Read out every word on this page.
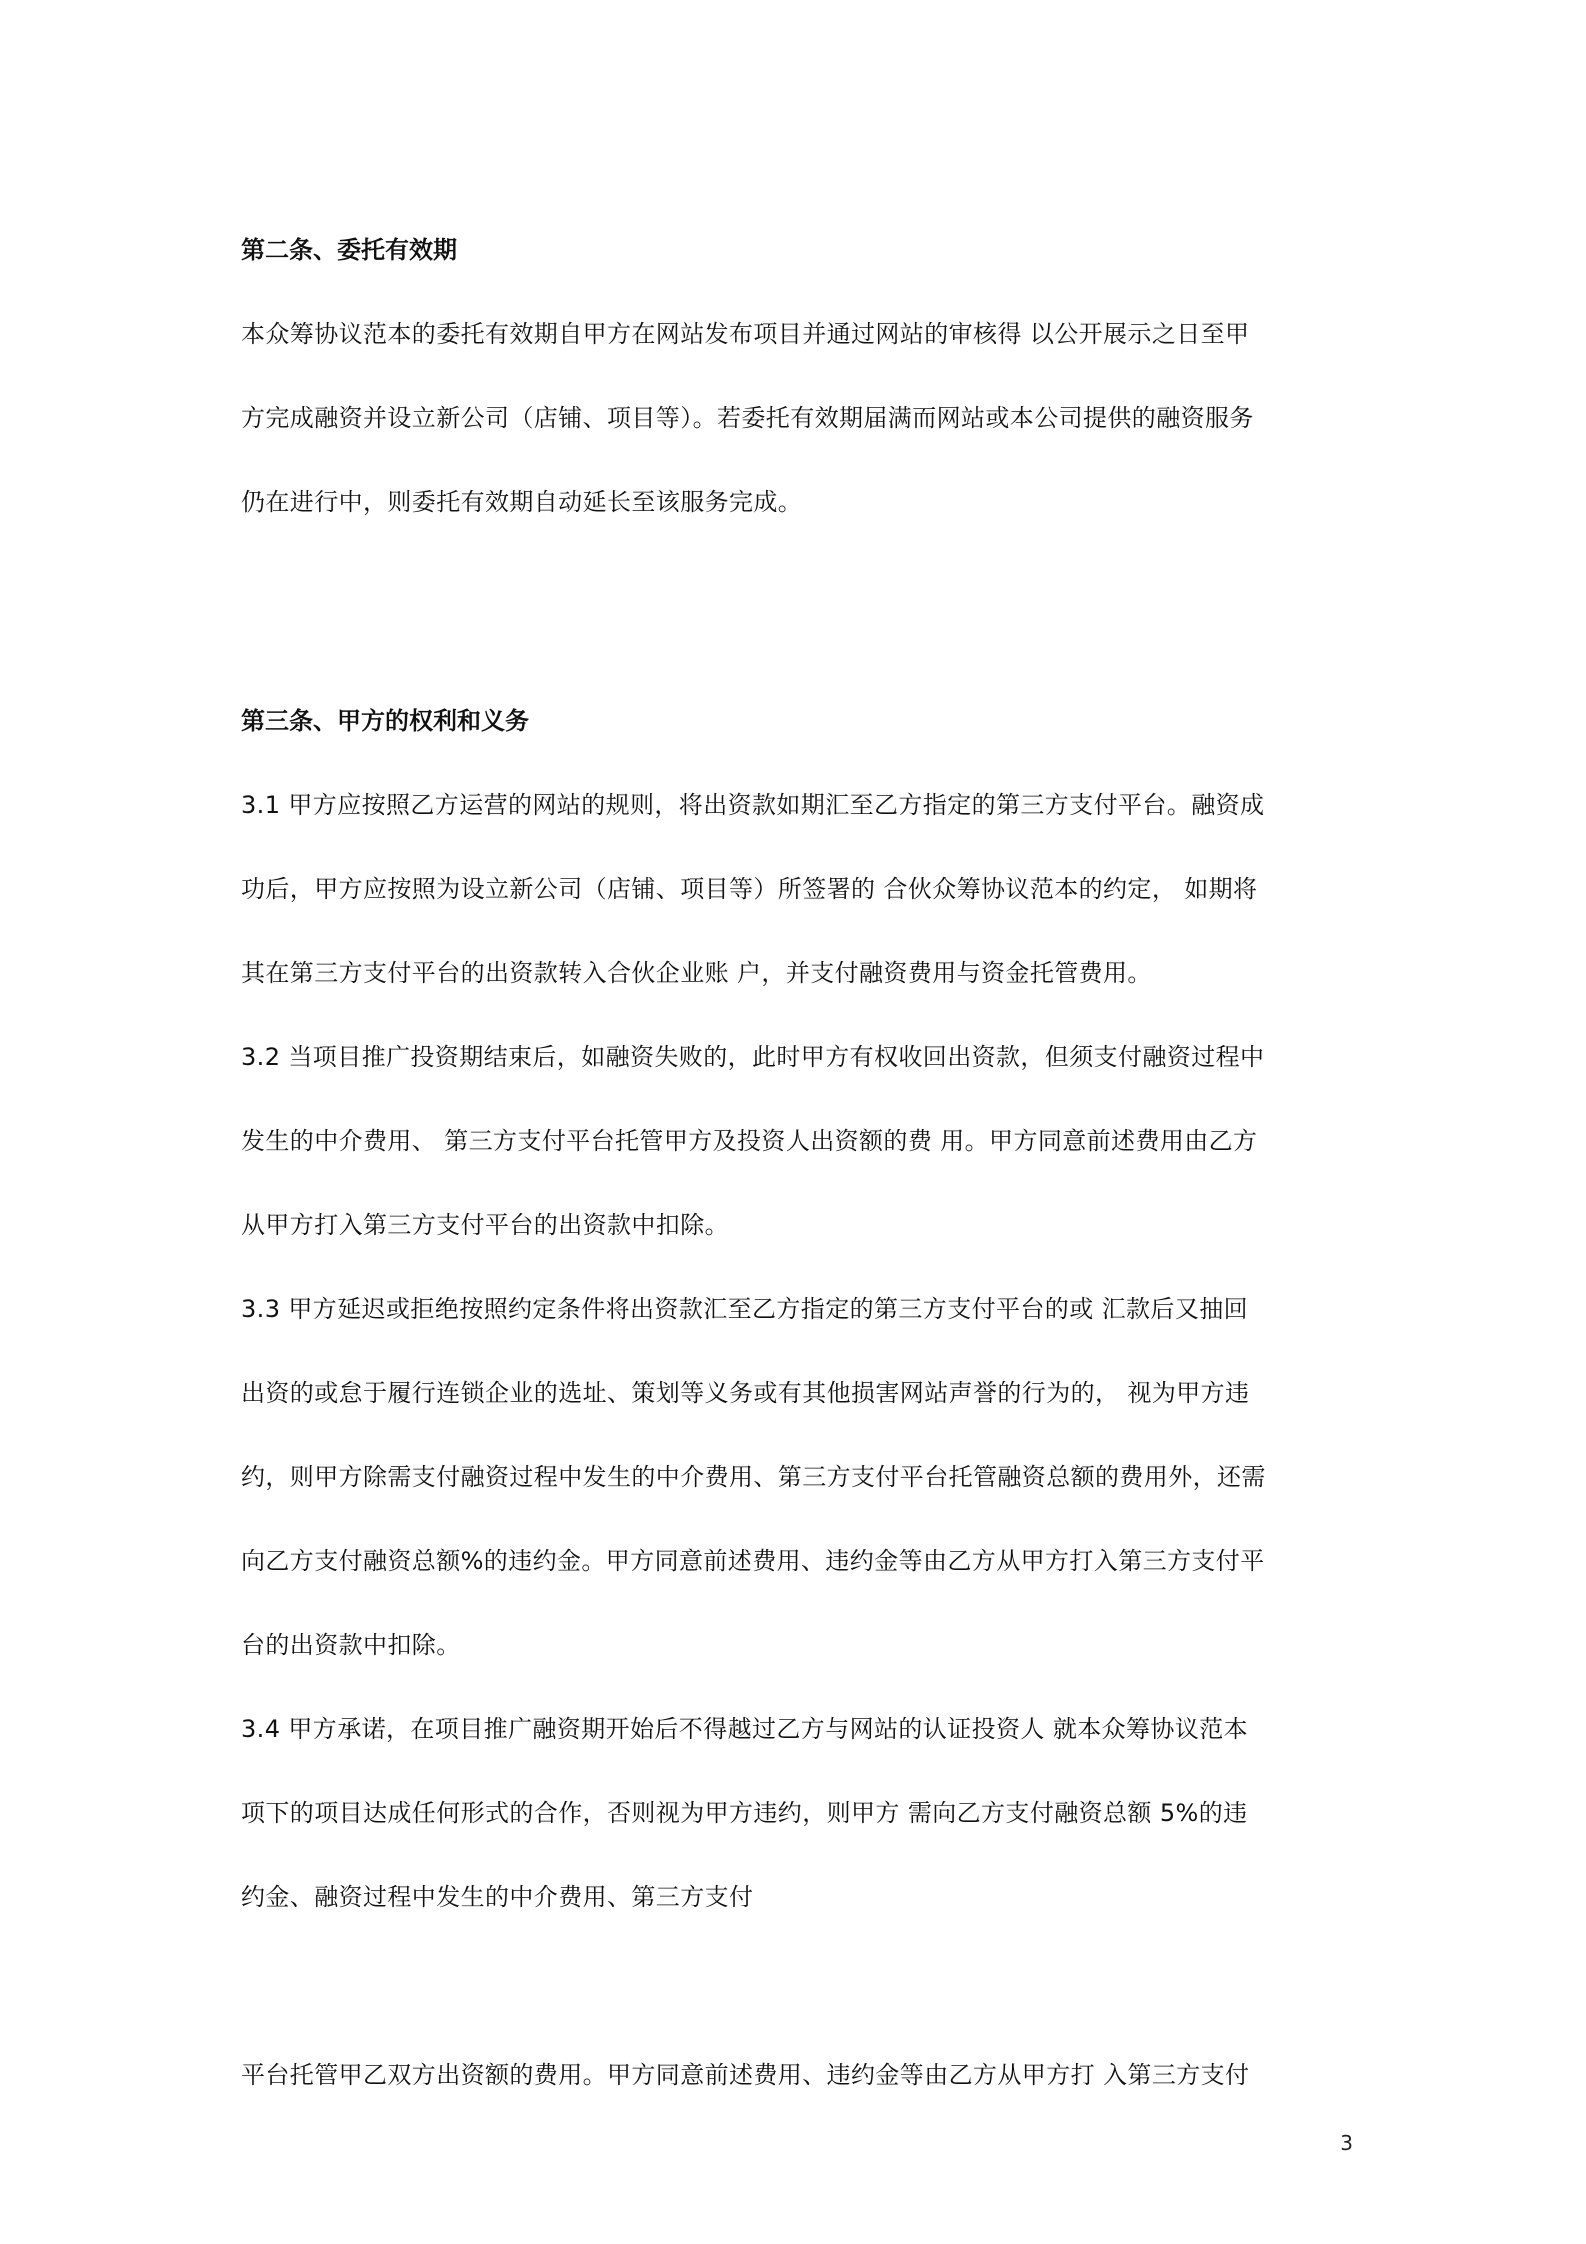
第二条、委托有效期
本众筹协议范本的委托有效期自甲方在网站发布项目并通过网站的审核得 以公开展示之日至甲
方完成融资并设立新公司（店铺、项目等）。若委托有效期届满而网站或本公司提供的融资服务
仍在进行中，则委托有效期自动延长至该服务完成。
第三条、甲方的权利和义务
3.1 甲方应按照乙方运营的网站的规则，将出资款如期汇至乙方指定的第三方支付平台。融资成
功后，甲方应按照为设立新公司（店铺、项目等）所签署的 合伙众筹协议范本的约定， 如期将
其在第三方支付平台的出资款转入合伙企业账 户，并支付融资费用与资金托管费用。
3.2 当项目推广投资期结束后，如融资失败的，此时甲方有权收回出资款，但须支付融资过程中
发生的中介费用、 第三方支付平台托管甲方及投资人出资额的费 用。甲方同意前述费用由乙方
从甲方打入第三方支付平台的出资款中扣除。
3.3 甲方延迟或拒绝按照约定条件将出资款汇至乙方指定的第三方支付平台的或 汇款后又抽回
出资的或怠于履行连锁企业的选址、策划等义务或有其他损害网站声誉的行为的， 视为甲方违
约，则甲方除需支付融资过程中发生的中介费用、第三方支付平台托管融资总额的费用外，还需
向乙方支付融资总额%的违约金。甲方同意前述费用、违约金等由乙方从甲方打入第三方支付平
台的出资款中扣除。
3.4 甲方承诺，在项目推广融资期开始后不得越过乙方与网站的认证投资人 就本众筹协议范本
项下的项目达成任何形式的合作，否则视为甲方违约，则甲方 需向乙方支付融资总额 5%的违
约金、融资过程中发生的中介费用、第三方支付
平台托管甲乙双方出资额的费用。甲方同意前述费用、违约金等由乙方从甲方打 入第三方支付
3
